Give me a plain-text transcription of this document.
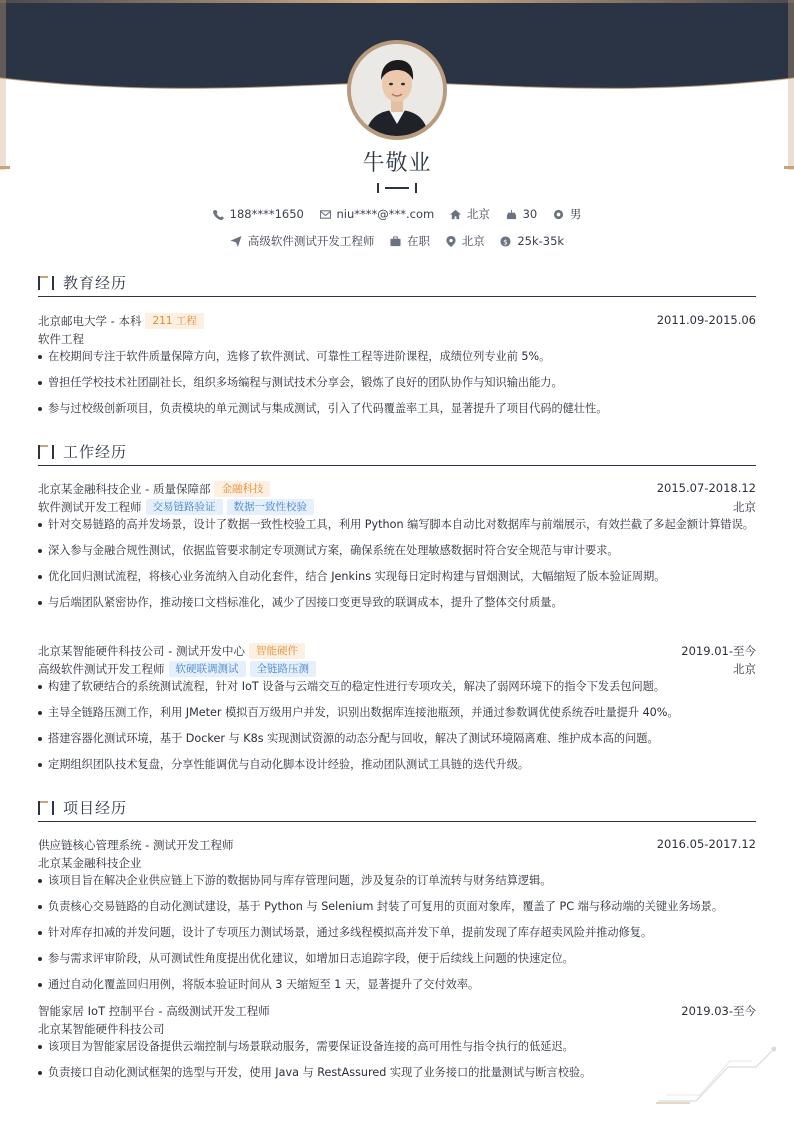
牛敬业
188****1650	niu****@***.com	北京	30	男
高级软件测试开发工程师	在职	北京 $ 25k-35k
教育经历
北京邮电大学 - 本科 211 工程	2011.09-2015.06
软件工程
在校期间专注于软件质量保障方向，选修了软件测试、可靠性工程等进阶课程，成绩位列专业前 5%。
曾担任学校技术社团副社长，组织多场编程与测试技术分享会，锻炼了良好的团队协作与知识输出能力。
参与过校级创新项目，负责模块的单元测试与集成测试，引入了代码覆盖率工具，显著提升了项目代码的健壮性。
工作经历
北京某金融科技企业 - 质量保障部 金融科技	2015.07-2018.12
软件测试开发工程师 交易链路验证 数据一致性校验	北京
针对交易链路的高并发场景，设计了数据一致性校验工具，利用 Python 编写脚本自动比对数据库与前端展示，有效拦截了多起金额计算错误。
深入参与金融合规性测试，依据监管要求制定专项测试方案，确保系统在处理敏感数据时符合安全规范与审计要求。
优化回归测试流程，将核心业务流纳入自动化套件，结合 Jenkins 实现每日定时构建与冒烟测试，大幅缩短了版本验证周期。
与后端团队紧密协作，推动接口文档标准化，减少了因接口变更导致的联调成本，提升了整体交付质量。
北京某智能硬件科技公司 - 测试开发中心 智能硬件	2019.01-至今
高级软件测试开发工程师 软硬联调测试 全链路压测	北京
构建了软硬结合的系统测试流程，针对 IoT 设备与云端交互的稳定性进行专项攻关，解决了弱网环境下的指令下发丢包问题。
主导全链路压测工作，利用 JMeter 模拟百万级用户并发，识别出数据库连接池瓶颈，并通过参数调优使系统吞吐量提升 40%。
搭建容器化测试环境，基于 Docker 与 K8s 实现测试资源的动态分配与回收，解决了测试环境隔离难、维护成本高的问题。
定期组织团队技术复盘，分享性能调优与自动化脚本设计经验，推动团队测试工具链的迭代升级。
项目经历
供应链核心管理系统 - 测试开发工程师	2016.05-2017.12
北京某金融科技企业
该项目旨在解决企业供应链上下游的数据协同与库存管理问题，涉及复杂的订单流转与财务结算逻辑。
负责核心交易链路的自动化测试建设，基于 Python 与 Selenium 封装了可复用的页面对象库，覆盖了 PC 端与移动端的关键业务场景。
针对库存扣减的并发问题，设计了专项压力测试场景，通过多线程模拟高并发下单，提前发现了库存超卖风险并推动修复。
参与需求评审阶段，从可测试性角度提出优化建议，如增加日志追踪字段，便于后续线上问题的快速定位。
通过自动化覆盖回归用例，将版本验证时间从 3 天缩短至 1 天，显著提升了交付效率。
智能家居 IoT 控制平台 - 高级测试开发工程师	2019.03-至今
北京某智能硬件科技公司
该项目为智能家居设备提供云端控制与场景联动服务，需要保证设备连接的高可用性与指令执行的低延迟。
负责接口自动化测试框架的选型与开发，使用 Java 与 RestAssured 实现了业务接口的批量测试与断言校验。
